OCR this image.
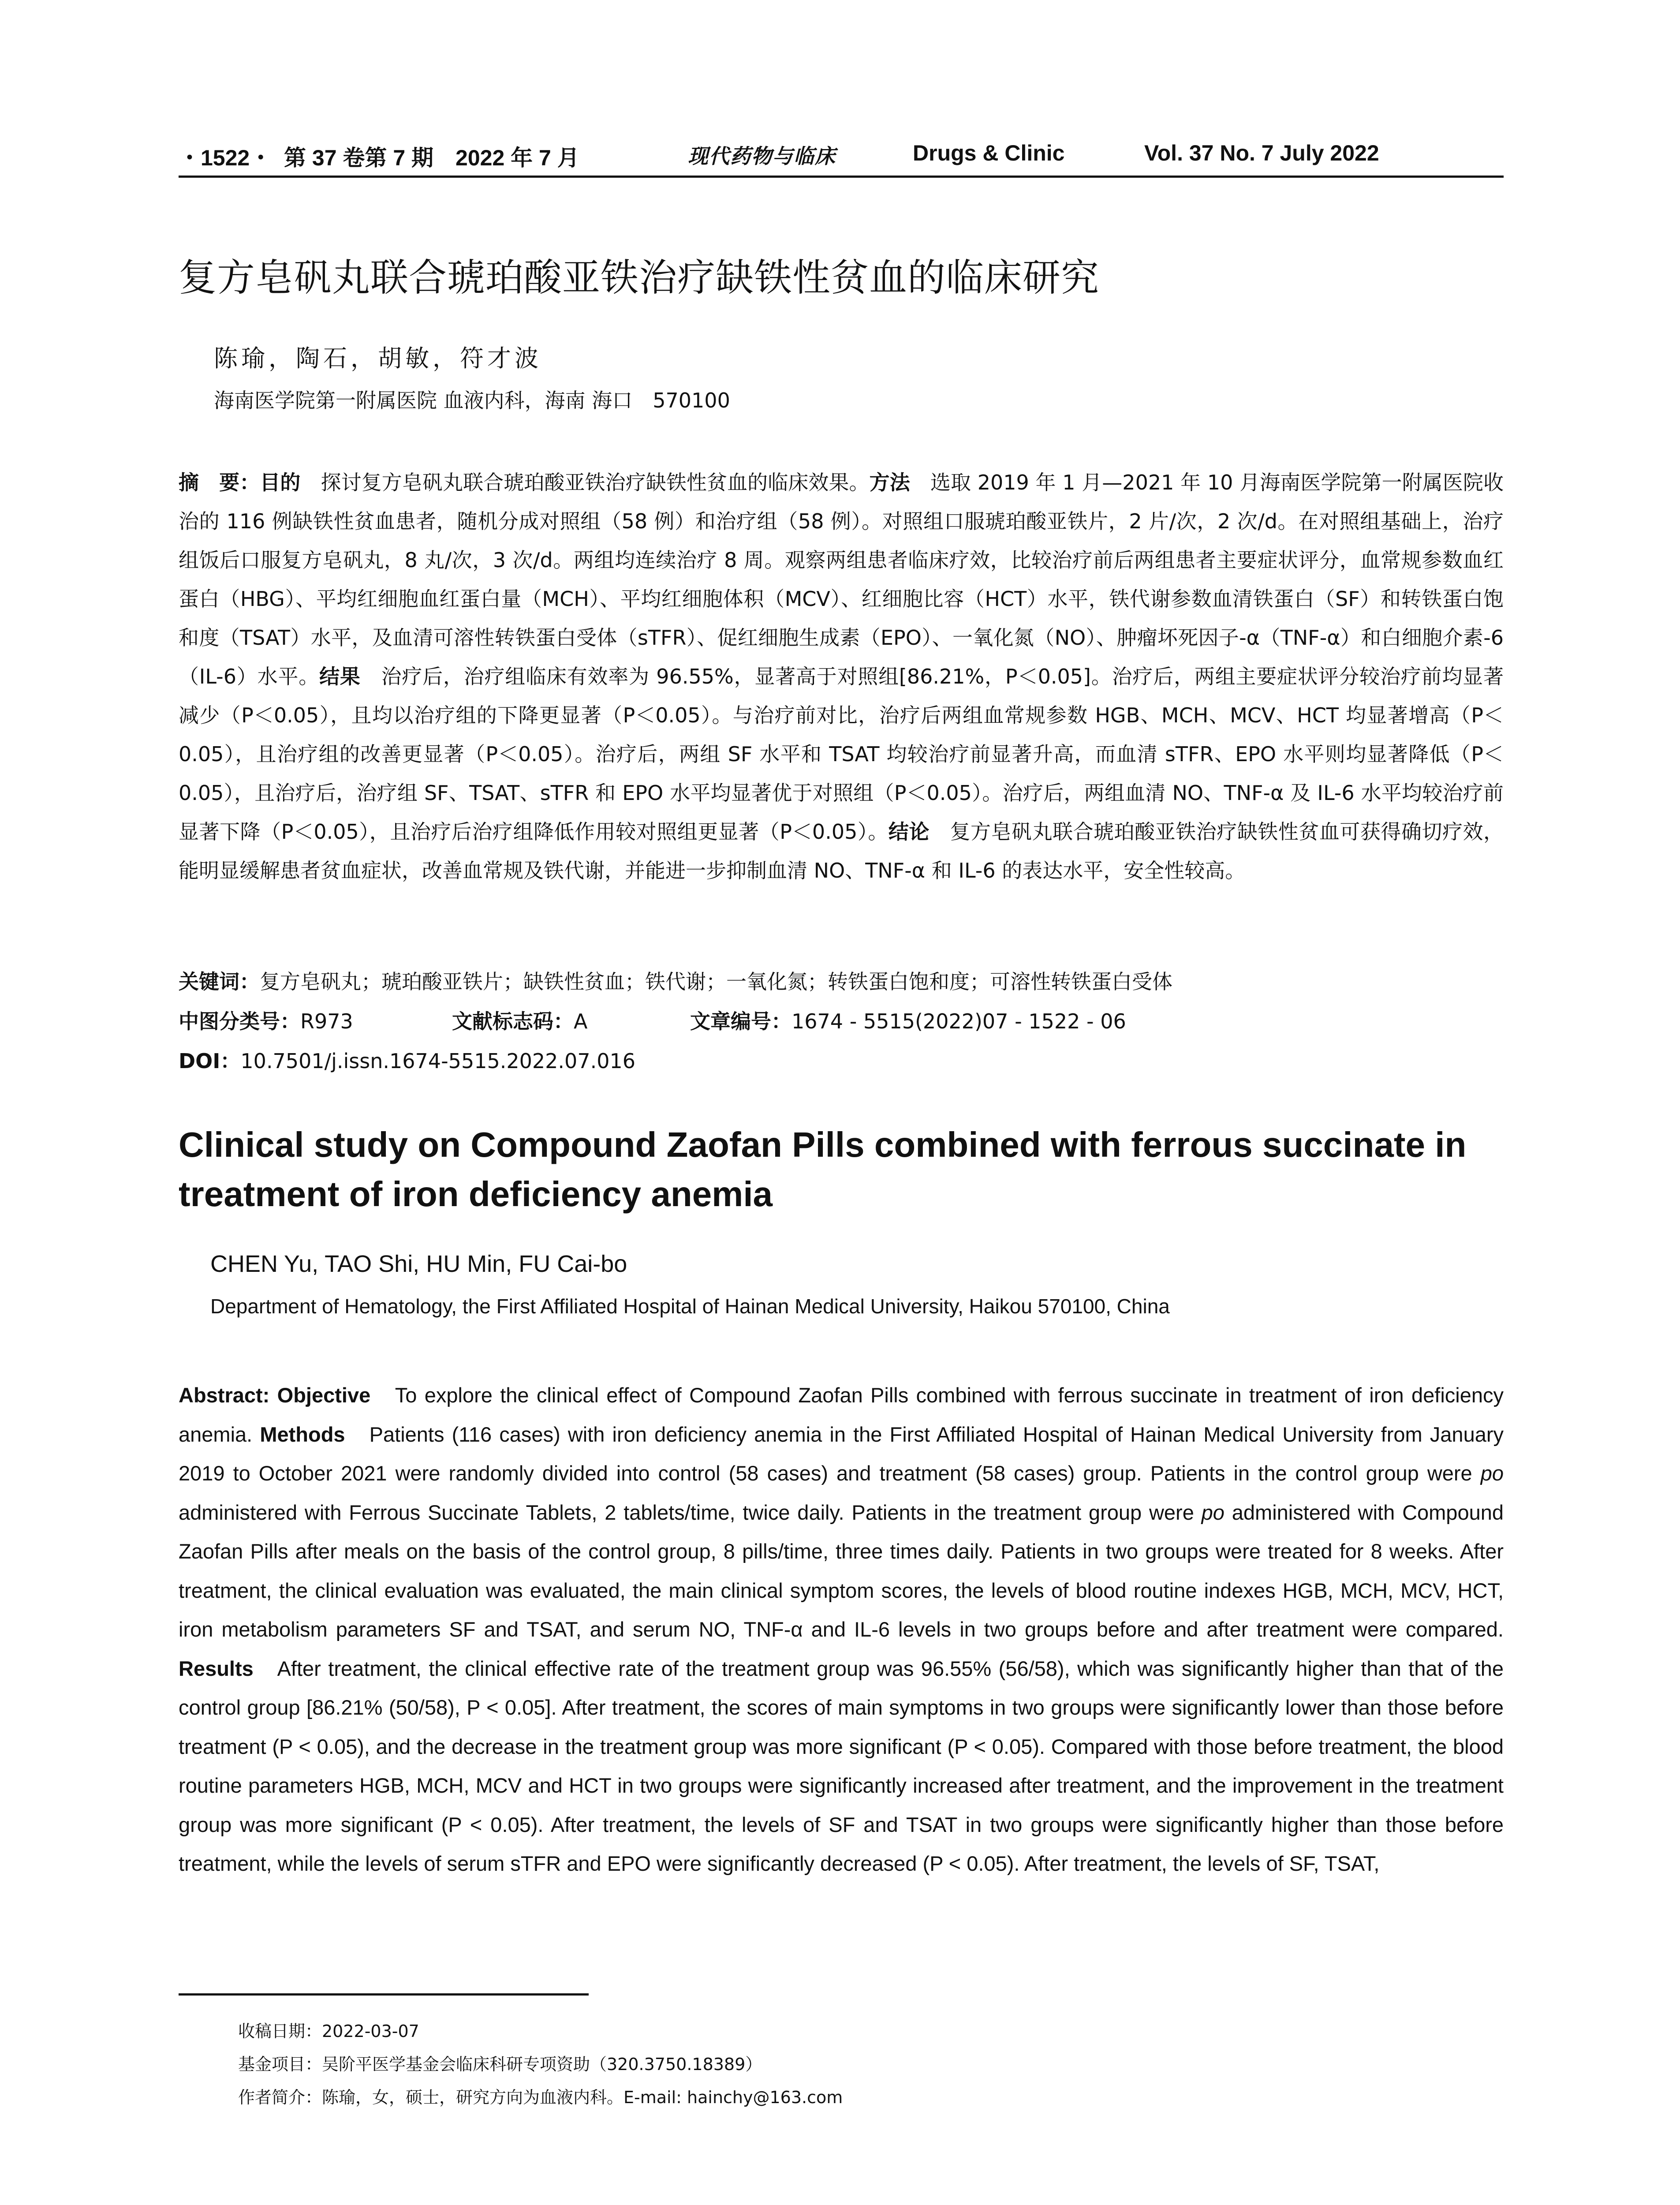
・1522・ 第 37 卷第 7 期　2022 年 7 月	现代药物与临床	Drugs & Clinic	Vol. 37 No. 7 July 2022
复方皂矾丸联合琥珀酸亚铁治疗缺铁性贫血的临床研究
陈瑜，陶石，胡敏，符才波
海南医学院第一附属医院 血液内科，海南 海口　570100
摘　要：目的　探讨复方皂矾丸联合琥珀酸亚铁治疗缺铁性贫血的临床效果。方法　选取 2019 年 1 月—2021 年 10 月海南医学院第一附属医院收治的 116 例缺铁性贫血患者，随机分成对照组（58 例）和治疗组（58 例）。对照组口服琥珀酸亚铁片，2 片/次，2 次/d。在对照组基础上，治疗组饭后口服复方皂矾丸，8 丸/次，3 次/d。两组均连续治疗 8 周。观察两组患者临床疗效，比较治疗前后两组患者主要症状评分，血常规参数血红蛋白（HBG）、平均红细胞血红蛋白量（MCH）、平均红细胞体积（MCV）、红细胞比容（HCT）水平，铁代谢参数血清铁蛋白（SF）和转铁蛋白饱和度（TSAT）水平，及血清可溶性转铁蛋白受体（sTFR）、促红细胞生成素（EPO）、一氧化氮（NO）、肿瘤坏死因子-α（TNF-α）和白细胞介素-6（IL-6）水平。结果　治疗后，治疗组临床有效率为 96.55%，显著高于对照组[86.21%，P＜0.05]。治疗后，两组主要症状评分较治疗前均显著减少（P＜0.05），且均以治疗组的下降更显著（P＜0.05）。与治疗前对比，治疗后两组血常规参数 HGB、MCH、MCV、HCT 均显著增高（P＜0.05），且治疗组的改善更显著（P＜0.05）。治疗后，两组 SF 水平和 TSAT 均较治疗前显著升高，而血清 sTFR、EPO 水平则均显著降低（P＜0.05），且治疗后，治疗组 SF、TSAT、sTFR 和 EPO 水平均显著优于对照组（P＜0.05）。治疗后，两组血清 NO、TNF-α 及 IL-6 水平均较治疗前显著下降（P＜0.05），且治疗后治疗组降低作用较对照组更显著（P＜0.05）。结论　复方皂矾丸联合琥珀酸亚铁治疗缺铁性贫血可获得确切疗效，能明显缓解患者贫血症状，改善血常规及铁代谢，并能进一步抑制血清 NO、TNF-α 和 IL-6 的表达水平，安全性较高。
关键词：复方皂矾丸；琥珀酸亚铁片；缺铁性贫血；铁代谢；一氧化氮；转铁蛋白饱和度；可溶性转铁蛋白受体
中图分类号：R973	文献标志码：A	文章编号：1674 - 5515(2022)07 - 1522 - 06
DOI：10.7501/j.issn.1674-5515.2022.07.016
Clinical study on Compound Zaofan Pills combined with ferrous succinate in treatment of iron deficiency anemia
CHEN Yu, TAO Shi, HU Min, FU Cai-bo
Department of Hematology, the First Affiliated Hospital of Hainan Medical University, Haikou 570100, China
Abstract: Objective　To explore the clinical effect of Compound Zaofan Pills combined with ferrous succinate in treatment of iron deficiency anemia. Methods　Patients (116 cases) with iron deficiency anemia in the First Affiliated Hospital of Hainan Medical University from January 2019 to October 2021 were randomly divided into control (58 cases) and treatment (58 cases) group. Patients in the control group were po administered with Ferrous Succinate Tablets, 2 tablets/time, twice daily. Patients in the treatment group were po administered with Compound Zaofan Pills after meals on the basis of the control group, 8 pills/time, three times daily. Patients in two groups were treated for 8 weeks. After treatment, the clinical evaluation was evaluated, the main clinical symptom scores, the levels of blood routine indexes HGB, MCH, MCV, HCT, iron metabolism parameters SF and TSAT, and serum NO, TNF-α and IL-6 levels in two groups before and after treatment were compared. Results　After treatment, the clinical effective rate of the treatment group was 96.55% (56/58), which was significantly higher than that of the control group [86.21% (50/58), P < 0.05]. After treatment, the scores of main symptoms in two groups were significantly lower than those before treatment (P < 0.05), and the decrease in the treatment group was more significant (P < 0.05). Compared with those before treatment, the blood routine parameters HGB, MCH, MCV and HCT in two groups were significantly increased after treatment, and the improvement in the treatment group was more significant (P < 0.05). After treatment, the levels of SF and TSAT in two groups were significantly higher than those before treatment, while the levels of serum sTFR and EPO were significantly decreased (P < 0.05). After treatment, the levels of SF, TSAT,
收稿日期：2022-03-07
基金项目：吴阶平医学基金会临床科研专项资助（320.3750.18389）
作者简介：陈瑜，女，硕士，研究方向为血液内科。E-mail: hainchy@163.com
